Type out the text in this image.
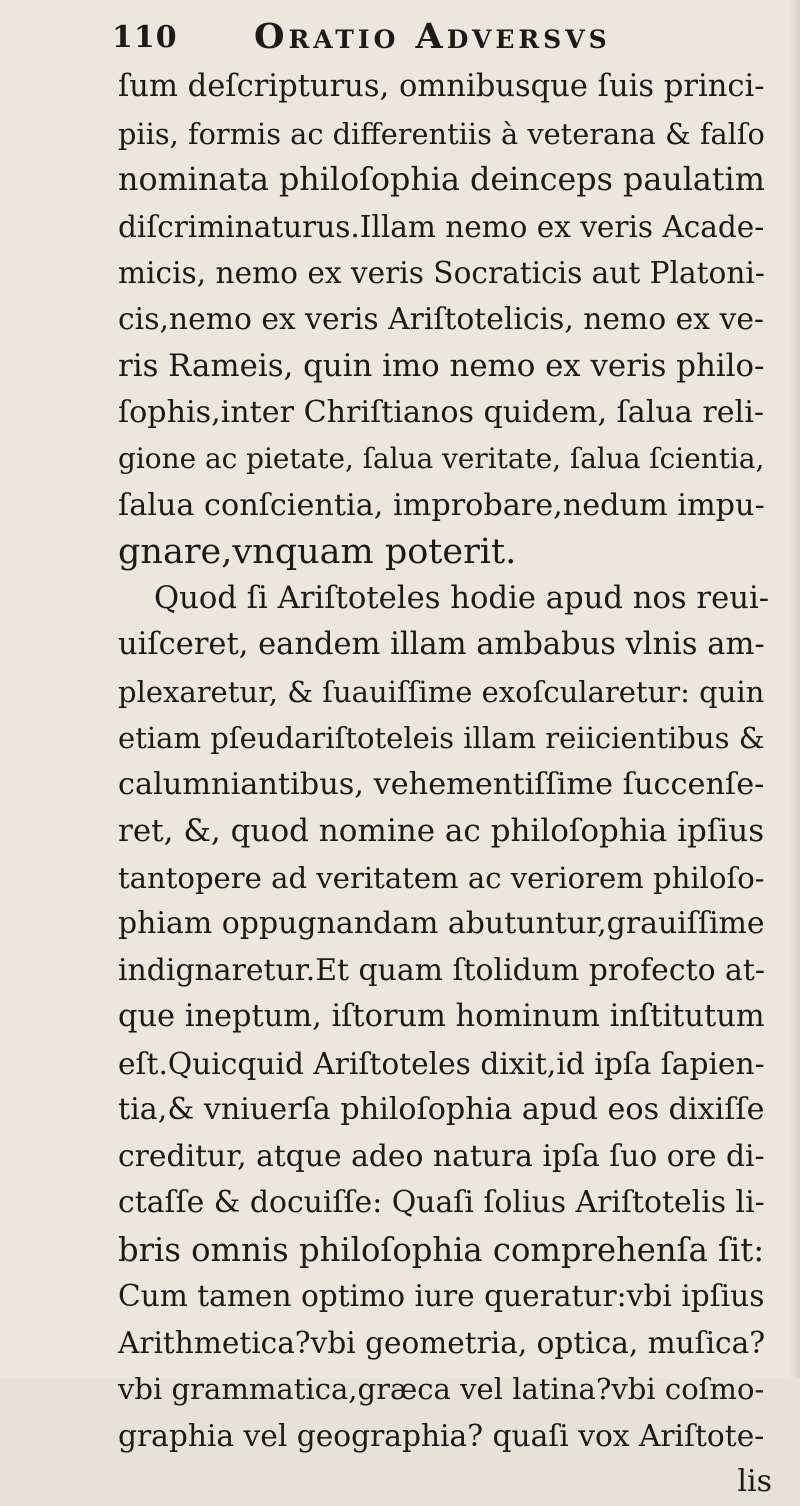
110 Oratio Adversvs
ſum deſcripturus, omnibusque ſuis princi-
piis, formis ac differentiis à veterana & falſo
nominata philoſophia deinceps paulatim
diſcriminaturus.Illam nemo ex veris Acade-
micis, nemo ex veris Socraticis aut Platoni-
cis,nemo ex veris Ariſtotelicis, nemo ex ve-
ris Rameis, quin imo nemo ex veris philo-
ſophis,inter Chriſtianos quidem, ſalua reli-
gione ac pietate, ſalua veritate, ſalua ſcientia,
ſalua conſcientia, improbare,nedum impu-
gnare,vnquam poterit.
Quod ſi Ariſtoteles hodie apud nos reui-
uiſceret, eandem illam ambabus vlnis am-
plexaretur, & ſuauiſſime exoſcularetur: quin
etiam pſeudariſtoteleis illam reiicientibus &
calumniantibus, vehementiſſime ſuccenſe-
ret, &, quod nomine ac philoſophia ipſius
tantopere ad veritatem ac veriorem philoſo-
phiam oppugnandam abutuntur,grauiſſime
indignaretur.Et quam ſtolidum profecto at-
que ineptum, iſtorum hominum inſtitutum
eſt.Quicquid Ariſtoteles dixit,id ipſa ſapien-
tia,& vniuerſa philoſophia apud eos dixiſſe
creditur, atque adeo natura ipſa ſuo ore di-
ctaſſe & docuiſſe: Quaſi ſolius Ariſtotelis li-
bris omnis philoſophia comprehenſa ſit:
Cum tamen optimo iure queratur:vbi ipſius
Arithmetica?vbi geometria, optica, muſica?
vbi grammatica,græca vel latina?vbi coſmo-
graphia vel geographia? quaſi vox Ariſtote-
lis
